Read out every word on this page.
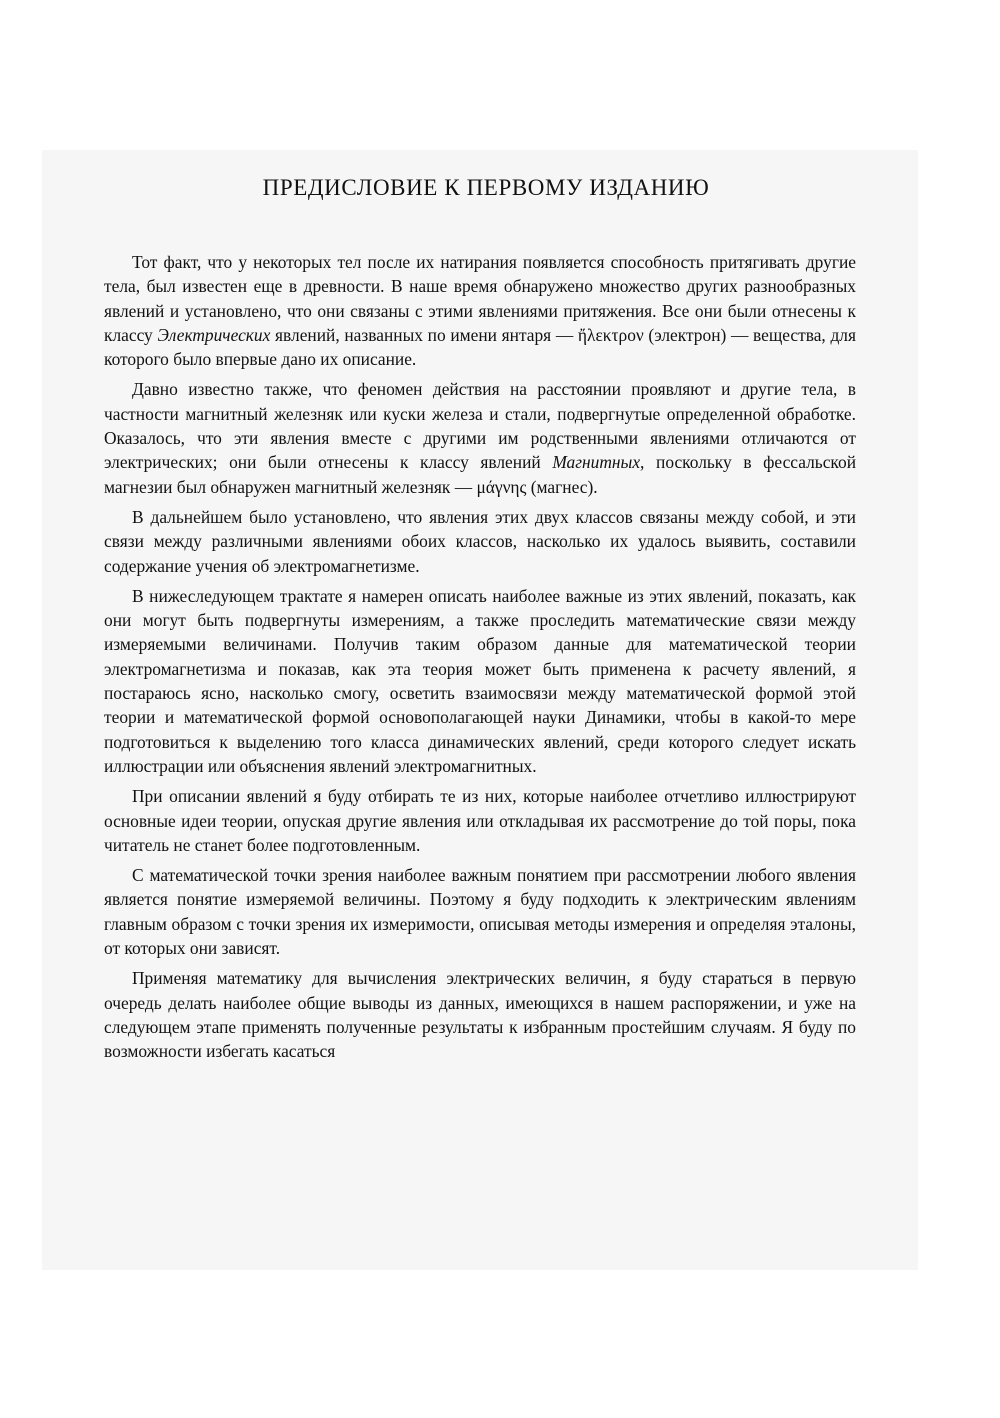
ПРЕДИСЛОВИЕ К ПЕРВОМУ ИЗДАНИЮ

Тот факт, что у некоторых тел после их натирания появляется способность притягивать другие тела, был известен еще в древности. В наше время обнаружено множество других разнообразных явлений и установлено, что они связаны с этими явлениями притяжения. Все они были отнесены к классу Электрических явлений, названных по имени янтаря — ἤλεκτρον (электрон) — вещества, для которого было впервые дано их описание.

Давно известно также, что феномен действия на расстоянии проявляют и другие тела, в частности магнитный железняк или куски железа и стали, подвергнутые определенной обработке. Оказалось, что эти явления вместе с другими им родственными явлениями отличаются от электрических; они были отнесены к классу явлений Магнитных, поскольку в фессальской магнезии был обнаружен магнитный железняк — μάγνης (магнес).

В дальнейшем было установлено, что явления этих двух классов связаны между собой, и эти связи между различными явлениями обоих классов, насколько их удалось выявить, составили содержание учения об электромагнетизме.

В нижеследующем трактате я намерен описать наиболее важные из этих явлений, показать, как они могут быть подвергнуты измерениям, а также проследить математические связи между измеряемыми величинами. Получив таким образом данные для математической теории электромагнетизма и показав, как эта теория может быть применена к расчету явлений, я постараюсь ясно, насколько смогу, осветить взаимосвязи между математической формой этой теории и математической формой основополагающей науки Динамики, чтобы в какой-то мере подготовиться к выделению того класса динамических явлений, среди которого следует искать иллюстрации или объяснения явлений электромагнитных.

При описании явлений я буду отбирать те из них, которые наиболее отчетливо иллюстрируют основные идеи теории, опуская другие явления или откладывая их рассмотрение до той поры, пока читатель не станет более подготовленным.

С математической точки зрения наиболее важным понятием при рассмотрении любого явления является понятие измеряемой величины. Поэтому я буду подходить к электрическим явлениям главным образом с точки зрения их измеримости, описывая методы измерения и определяя эталоны, от которых они зависят.

Применяя математику для вычисления электрических величин, я буду стараться в первую очередь делать наиболее общие выводы из данных, имеющихся в нашем распоряжении, и уже на следующем этапе применять полученные результаты к избранным простейшим случаям. Я буду по возможности избегать касаться
